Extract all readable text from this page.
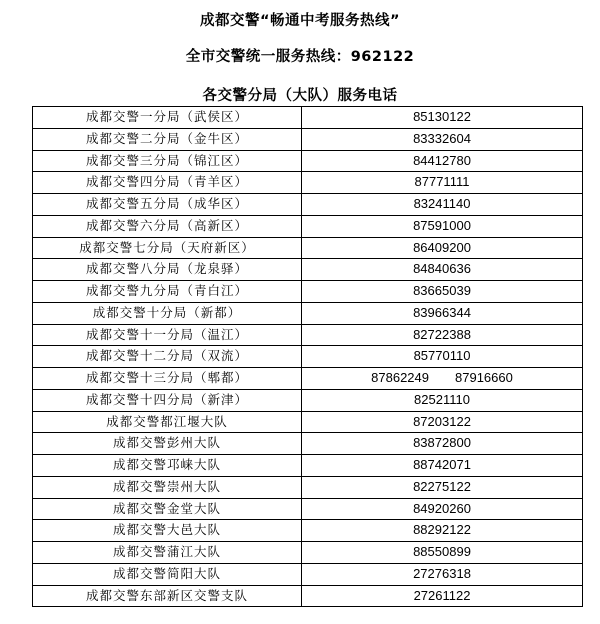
成都交警“畅通中考服务热线”
全市交警统一服务热线：962122
各交警分局（大队）服务电话
成都交警一分局（武侯区）	85130122
成都交警二分局（金牛区）	83332604
成都交警三分局（锦江区）	84412780
成都交警四分局（青羊区）	87771111
成都交警五分局（成华区）	83241140
成都交警六分局（高新区）	87591000
成都交警七分局（天府新区）	86409200
成都交警八分局（龙泉驿）	84840636
成都交警九分局（青白江）	83665039
成都交警十分局（新都）	83966344
成都交警十一分局（温江）	82722388
成都交警十二分局（双流）	85770110
成都交警十三分局（郫都）	87862249 87916660
成都交警十四分局（新津）	82521110
成都交警都江堰大队	87203122
成都交警彭州大队	83872800
成都交警邛崃大队	88742071
成都交警崇州大队	82275122
成都交警金堂大队	84920260
成都交警大邑大队	88292122
成都交警蒲江大队	88550899
成都交警简阳大队	27276318
成都交警东部新区交警支队	27261122
